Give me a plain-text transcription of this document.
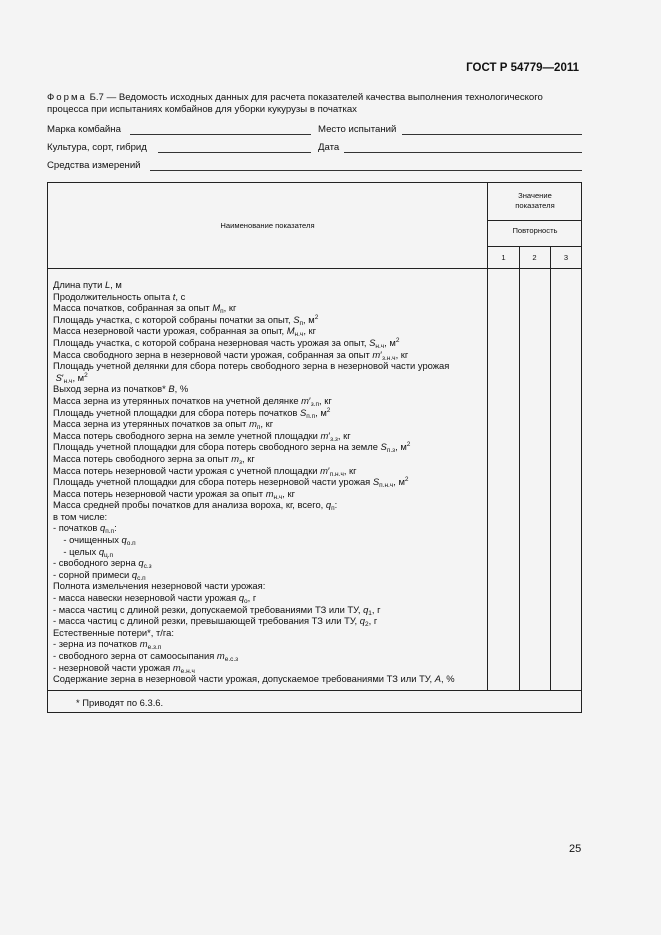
ГОСТ Р 54779—2011
Форма Б.7 — Ведомость исходных данных для расчета показателей качества выполнения технологического процесса при испытаниях комбайнов для уборки кукурузы в початках
Марка комбайна	Место испытаний
Культура, сорт, гибрид	Дата
Средства измерений
Наименование показателя
Значение показателя
Повторность
1	2	3
Длина пути L, м
Продолжительность опыта t, с
Масса початков, собранная за опыт $М_п$, кг
Площадь участка, с которой собраны початки за опыт, $S_п$, $м^2$
Масса незерновой части урожая, собранная за опыт, $М_{н.ч}$, кг
Площадь участка, с которой собрана незерновая часть урожая за опыт, $S_{н.ч}$, $м^2$
Масса свободного зерна в незерновой части урожая, собранная за опыт $m'_{з.н.ч}$, кг
Площадь учетной делянки для сбора потерь свободного зерна в незерновой части урожая
$S'_{н.ч}$, $м^2$
Выход зерна из початков* В, %
Масса зерна из утерянных початков на учетной делянке $m'_{з.п}$, кг
Площадь учетной площадки для сбора потерь початков $S_{п.п}$, $м^2$
Масса зерна из утерянных початков за опыт $m_п$, кг
Масса потерь свободного зерна на земле учетной площадки $m'_{з.з}$, кг
Площадь учетной площадки для сбора потерь свободного зерна на земле $S_{п.з}$, $м^2$
Масса потерь свободного зерна за опыт $m_з$, кг
Масса потерь незерновой части урожая с учетной площадки $m'_{п.н.ч}$, кг
Площадь учетной площадки для сбора потерь незерновой части урожая $S_{п.н.ч}$, $м^2$
Масса потерь незерновой части урожая за опыт $m_{н.ч}$, кг
Масса средней пробы початков для анализа вороха, кг, всего, $q_п$:
в том числе:
- початков $q_{п.п}$:
- очищенных $q_{о.п}$
- целых $q_{ц.п}$
- свободного зерна $q_{с.з}$
- сорной примеси $q_{с.п}$
Полнота измельчения незерновой части урожая:
- масса навески незерновой части урожая $q_о$, г
- масса частиц с длиной резки, допускаемой требованиями ТЗ или ТУ, $q_1$, г
- масса частиц с длиной резки, превышающей требования ТЗ или ТУ, $q_2$, г
Естественные потери*, т/га:
- зерна из початков $m_{е.з.п}$
- свободного зерна от самоосыпания $m_{е.с.з}$
- незерновой части урожая $m_{е.н.ч}$
Содержание зерна в незерновой части урожая, допускаемое требованиями ТЗ или ТУ, А, %
* Приводят по 6.3.6.
25
